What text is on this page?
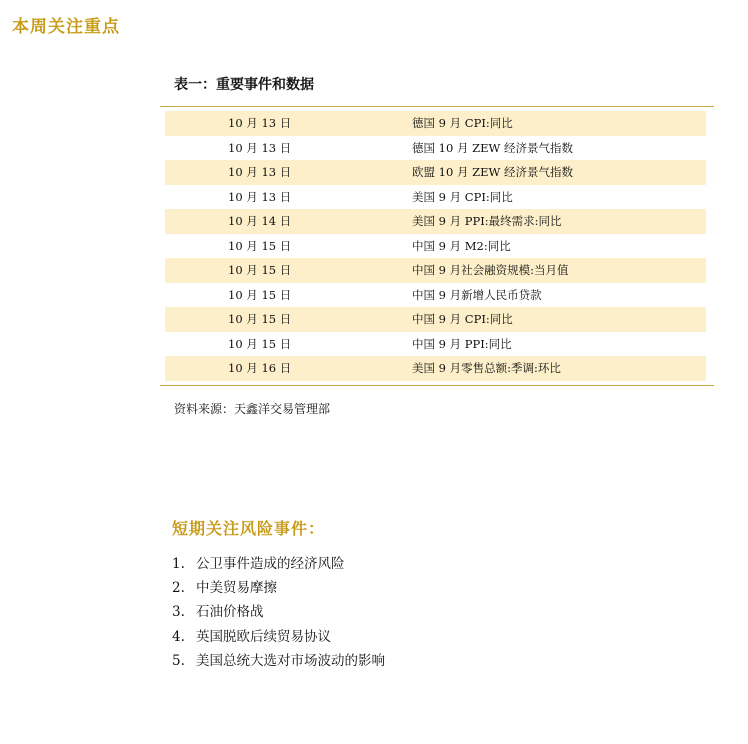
本周关注重点
表一：重要事件和数据
10 月 13 日	德国 9 月 CPI:同比
10 月 13 日	德国 10 月 ZEW 经济景气指数
10 月 13 日	欧盟 10 月 ZEW 经济景气指数
10 月 13 日	美国 9 月 CPI:同比
10 月 14 日	美国 9 月 PPI:最终需求:同比
10 月 15 日	中国 9 月 M2:同比
10 月 15 日	中国 9 月社会融资规模:当月值
10 月 15 日	中国 9 月新增人民币贷款
10 月 15 日	中国 9 月 CPI:同比
10 月 15 日	中国 9 月 PPI:同比
10 月 16 日	美国 9 月零售总额:季调:环比
资料来源：天鑫洋交易管理部
短期关注风险事件：
1. 公卫事件造成的经济风险
2. 中美贸易摩擦
3. 石油价格战
4. 英国脱欧后续贸易协议
5. 美国总统大选对市场波动的影响
